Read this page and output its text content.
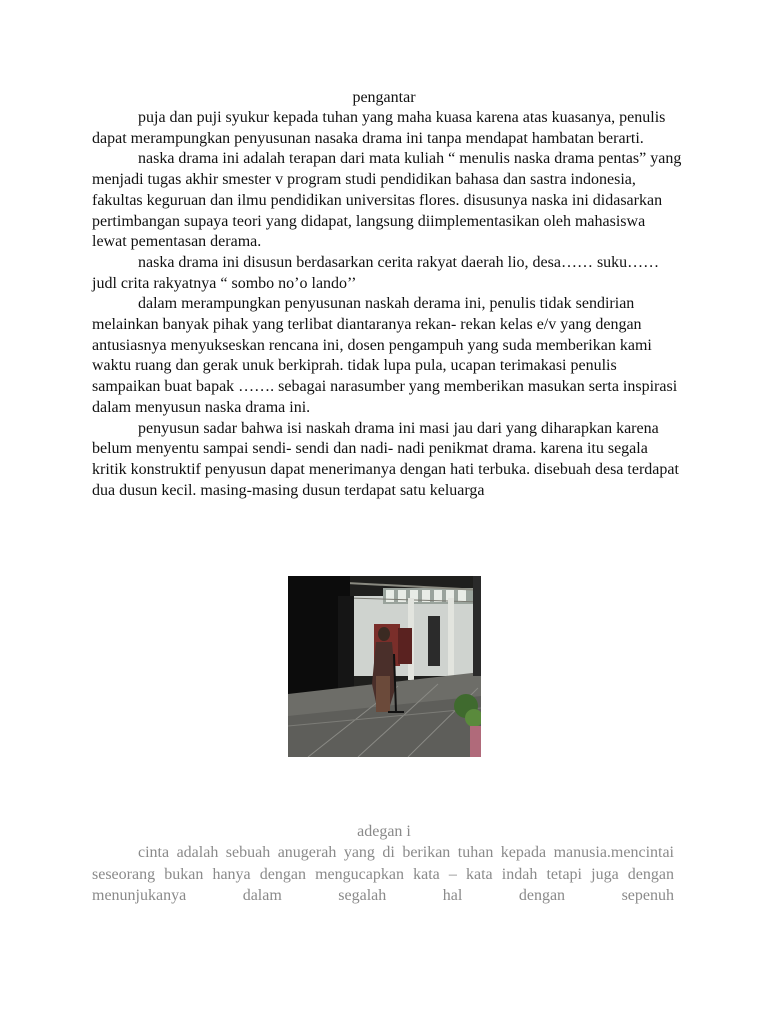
pengantar

puja dan puji syukur kepada tuhan yang maha kuasa karena atas kuasanya, penulis dapat merampungkan penyusunan nasaka drama ini tanpa mendapat hambatan berarti.

naska drama ini adalah terapan dari mata kuliah “ menulis naska drama pentas” yang menjadi tugas akhir smester v program studi pendidikan bahasa dan sastra indonesia, fakultas keguruan dan ilmu pendidikan universitas flores. disusunya naska ini didasarkan pertimbangan supaya teori yang didapat, langsung diimplementasikan oleh mahasiswa lewat pementasan derama.

naska drama ini disusun berdasarkan cerita rakyat daerah lio, desa…… suku…… judl crita rakyatnya “ sombo no’o lando’’

dalam merampungkan penyusunan naskah derama ini, penulis tidak sendirian melainkan banyak pihak yang terlibat diantaranya rekan- rekan kelas e/v yang dengan antusiasnya menyukseskan rencana ini, dosen pengampuh yang suda memberikan kami waktu ruang dan gerak unuk berkiprah. tidak lupa pula, ucapan terimakasi penulis sampaikan buat bapak ……. sebagai narasumber yang memberikan masukan serta inspirasi dalam menyusun naska drama ini.

penyusun sadar bahwa isi naskah drama ini masi jau dari yang diharapkan karena belum menyentu sampai sendi- sendi dan nadi- nadi penikmat drama. karena itu segala kritik konstruktif penyusun dapat menerimanya dengan hati terbuka. disebuah desa terdapat dua dusun kecil. masing-masing dusun terdapat satu keluarga

adegan i
cinta adalah sebuah anugerah yang di berikan tuhan kepada manusia.mencintai seseorang bukan hanya dengan mengucapkan kata – kata indah tetapi juga dengan menunjukanya dalam segalah hal dengan sepenuh
